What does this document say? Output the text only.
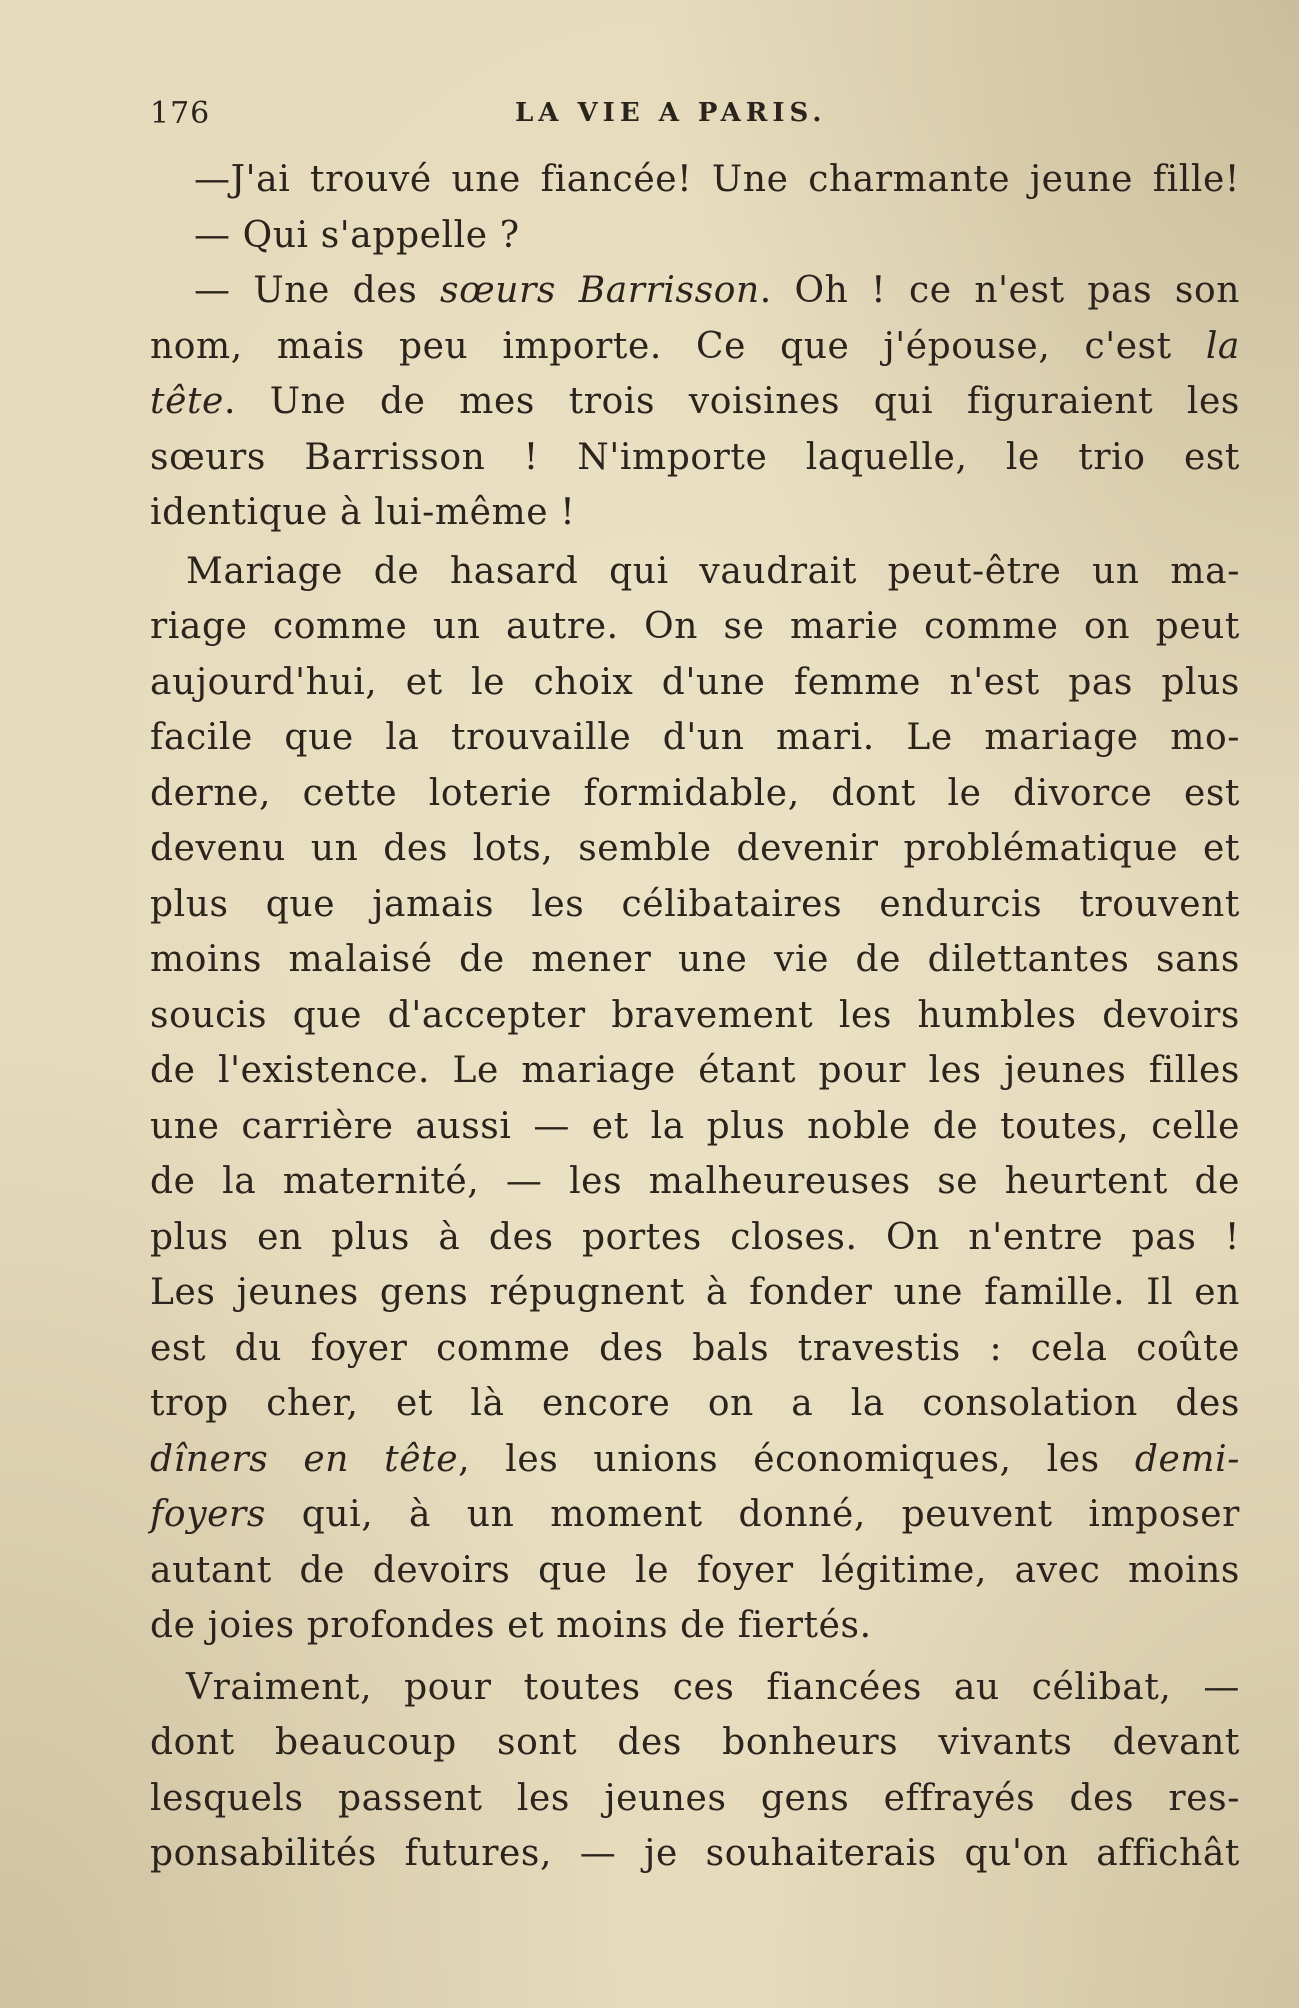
176	LA VIE A PARIS.
—J'ai trouvé une fiancée! Une charmante jeune fille!
— Qui s'appelle ?
— Une des sœurs Barrisson. Oh ! ce n'est pas son
nom, mais peu importe. Ce que j'épouse, c'est la
tête. Une de mes trois voisines qui figuraient les
sœurs Barrisson ! N'importe laquelle, le trio est
identique à lui-même !
Mariage de hasard qui vaudrait peut-être un ma-
riage comme un autre. On se marie comme on peut
aujourd'hui, et le choix d'une femme n'est pas plus
facile que la trouvaille d'un mari. Le mariage mo-
derne, cette loterie formidable, dont le divorce est
devenu un des lots, semble devenir problématique et
plus que jamais les célibataires endurcis trouvent
moins malaisé de mener une vie de dilettantes sans
soucis que d'accepter bravement les humbles devoirs
de l'existence. Le mariage étant pour les jeunes filles
une carrière aussi — et la plus noble de toutes, celle
de la maternité, — les malheureuses se heurtent de
plus en plus à des portes closes. On n'entre pas !
Les jeunes gens répugnent à fonder une famille. Il en
est du foyer comme des bals travestis : cela coûte
trop cher, et là encore on a la consolation des
dîners en tête, les unions économiques, les demi-
foyers qui, à un moment donné, peuvent imposer
autant de devoirs que le foyer légitime, avec moins
de joies profondes et moins de fiertés.
Vraiment, pour toutes ces fiancées au célibat, —
dont beaucoup sont des bonheurs vivants devant
lesquels passent les jeunes gens effrayés des res-
ponsabilités futures, — je souhaiterais qu'on affichât
